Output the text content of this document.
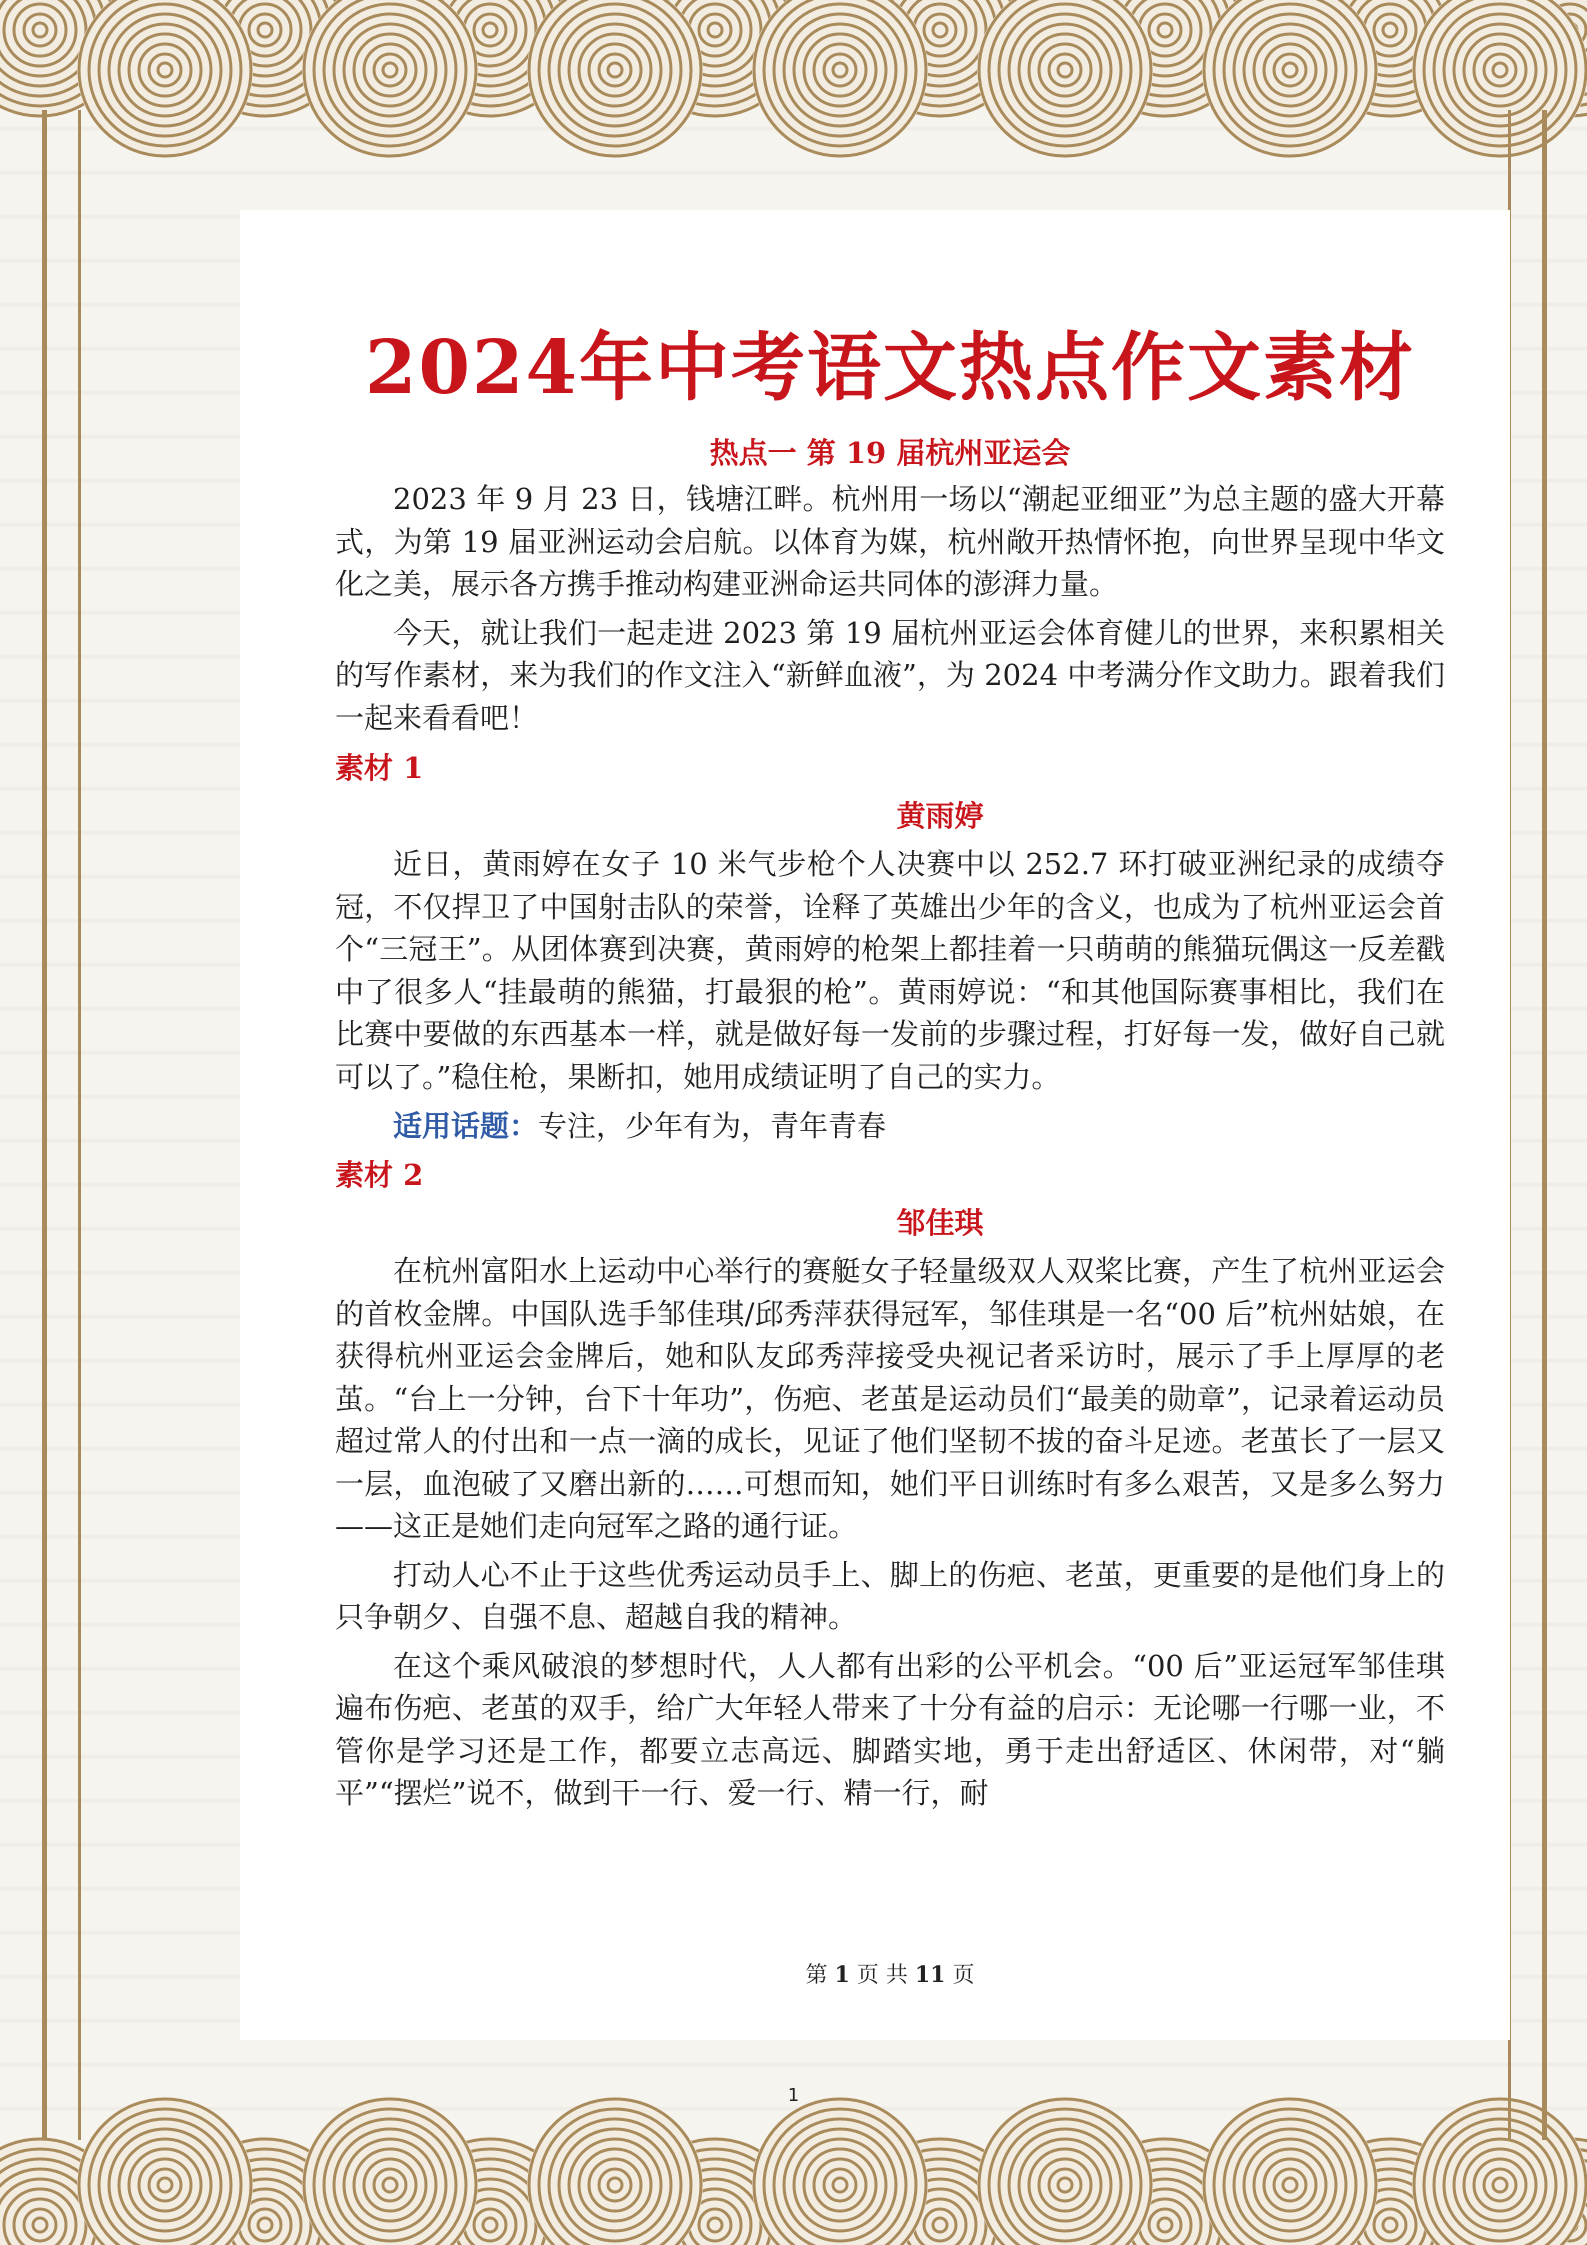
2024年中考语文热点作文素材
热点一 第 19 届杭州亚运会

2023 年 9 月 23 日，钱塘江畔。杭州用一场以“潮起亚细亚”为总主题的盛大开幕式，为第 19 届亚洲运动会启航。以体育为媒，杭州敞开热情怀抱，向世界呈现中华文化之美，展示各方携手推动构建亚洲命运共同体的澎湃力量。

今天，就让我们一起走进 2023 第 19 届杭州亚运会体育健儿的世界，来积累相关的写作素材，来为我们的作文注入“新鲜血液”，为 2024 中考满分作文助力。跟着我们一起来看看吧！

素材 1
黄雨婷

近日，黄雨婷在女子 10 米气步枪个人决赛中以 252.7 环打破亚洲纪录的成绩夺冠，不仅捍卫了中国射击队的荣誉，诠释了英雄出少年的含义，也成为了杭州亚运会首个“三冠王”。从团体赛到决赛，黄雨婷的枪架上都挂着一只萌萌的熊猫玩偶这一反差戳中了很多人“挂最萌的熊猫，打最狠的枪”。黄雨婷说：“和其他国际赛事相比，我们在比赛中要做的东西基本一样，就是做好每一发前的步骤过程，打好每一发，做好自己就可以了。”稳住枪，果断扣，她用成绩证明了自己的实力。

适用话题：专注，少年有为，青年青春
素材 2
邹佳琪

在杭州富阳水上运动中心举行的赛艇女子轻量级双人双桨比赛，产生了杭州亚运会的首枚金牌。中国队选手邹佳琪/邱秀萍获得冠军，邹佳琪是一名“00 后”杭州姑娘，在获得杭州亚运会金牌后，她和队友邱秀萍接受央视记者采访时，展示了手上厚厚的老茧。“台上一分钟，台下十年功”，伤疤、老茧是运动员们“最美的勋章”，记录着运动员超过常人的付出和一点一滴的成长，见证了他们坚韧不拔的奋斗足迹。老茧长了一层又一层，血泡破了又磨出新的……可想而知，她们平日训练时有多么艰苦，又是多么努力——这正是她们走向冠军之路的通行证。

打动人心不止于这些优秀运动员手上、脚上的伤疤、老茧，更重要的是他们身上的只争朝夕、自强不息、超越自我的精神。

在这个乘风破浪的梦想时代，人人都有出彩的公平机会。“00 后”亚运冠军邹佳琪遍布伤疤、老茧的双手，给广大年轻人带来了十分有益的启示：无论哪一行哪一业，不管你是学习还是工作，都要立志高远、脚踏实地，勇于走出舒适区、休闲带，对“躺平”“摆烂”说不，做到干一行、爱一行、精一行，耐

第 1 页 共 11 页
1
